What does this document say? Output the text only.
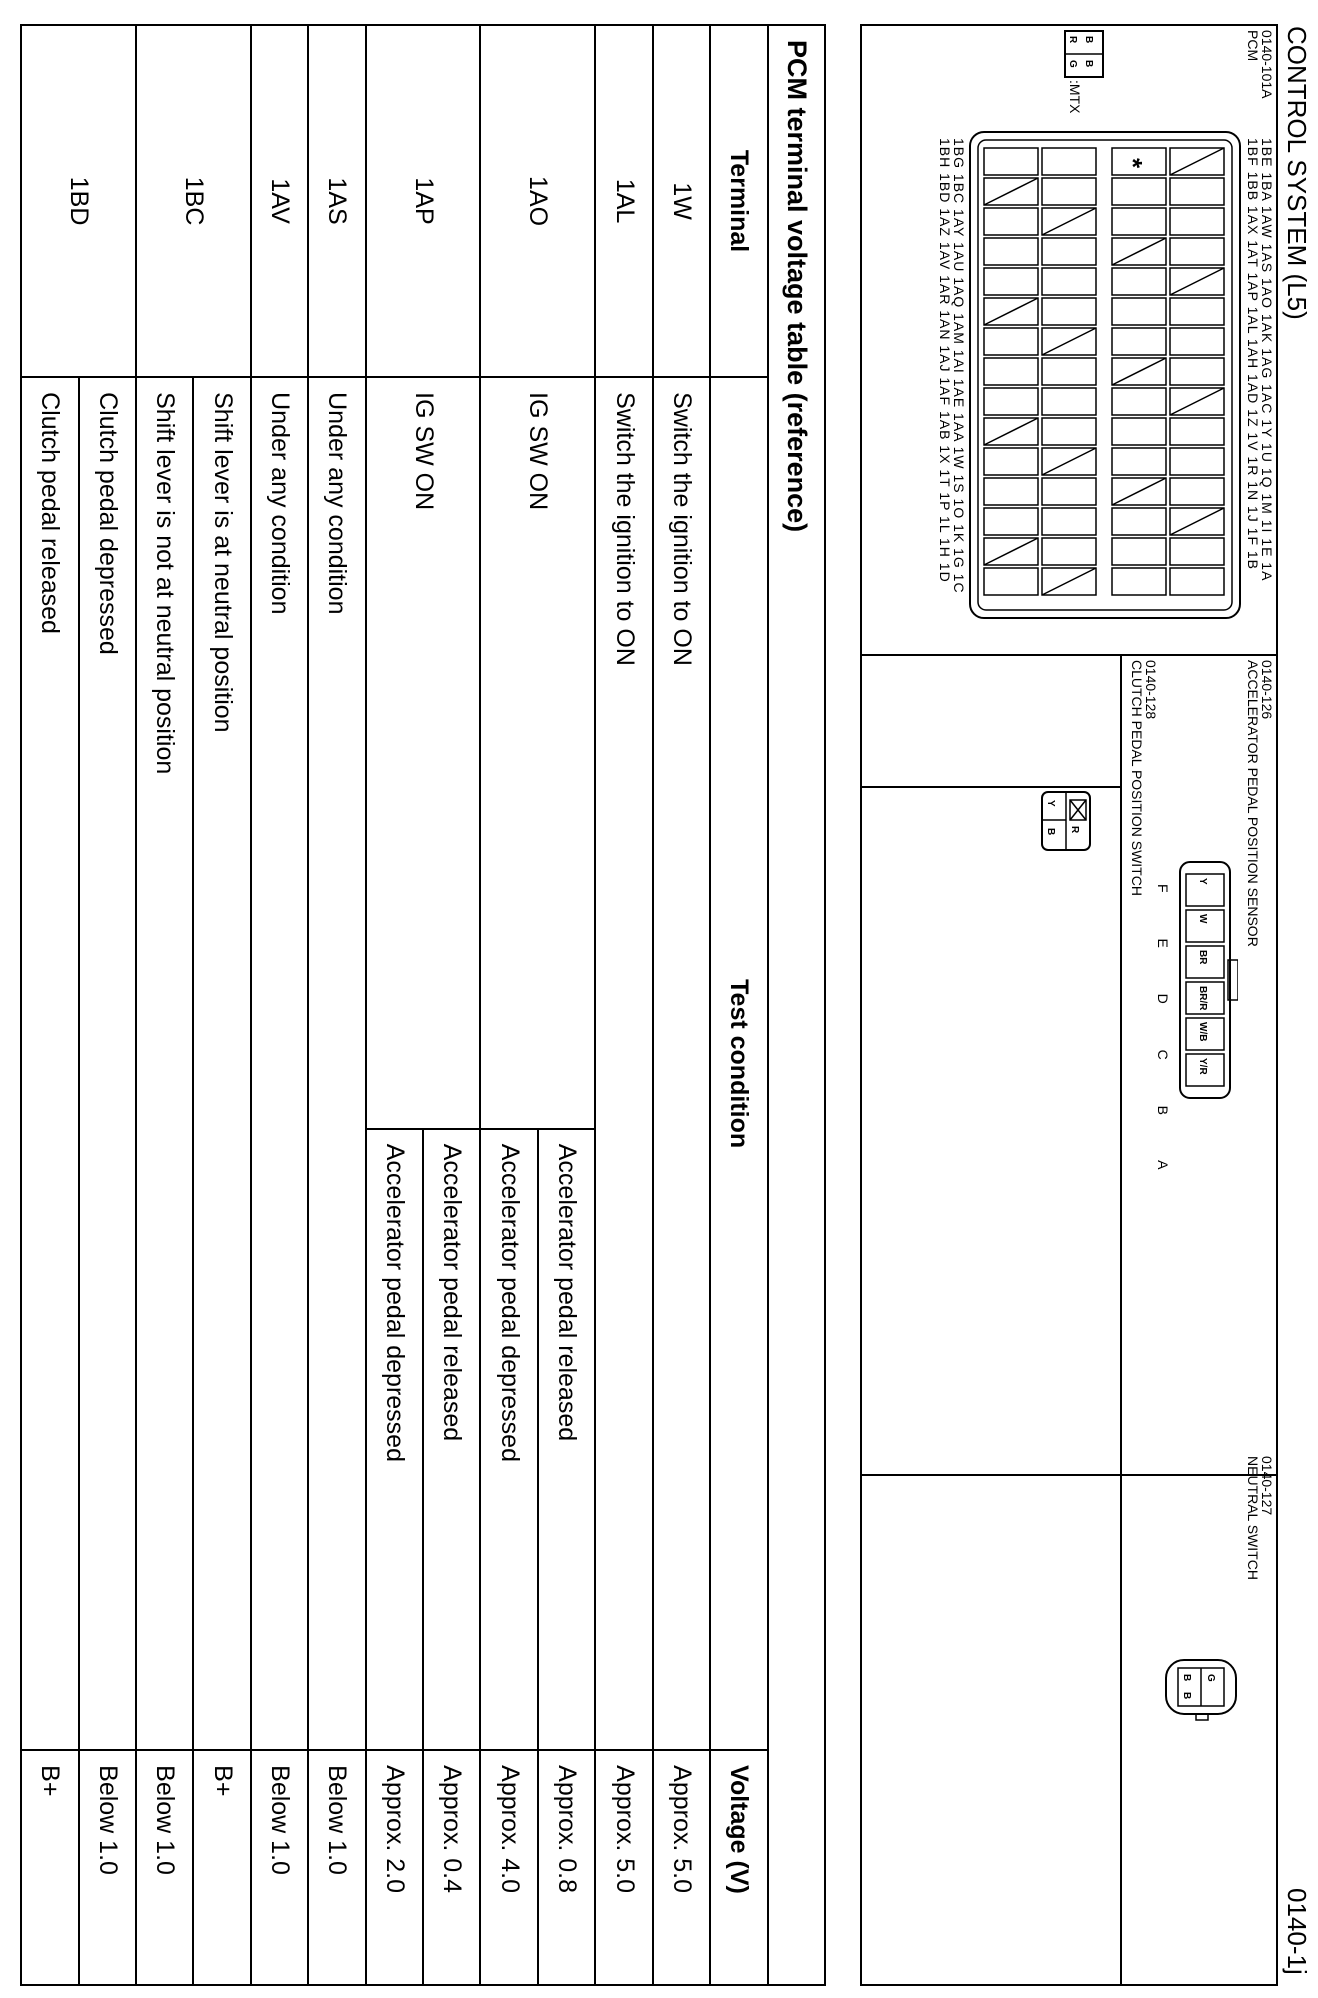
CONTROL SYSTEM (L5)
0140-1j
0140-101A
PCM
1BE 1BA 1AW 1AS 1AO 1AK 1AG 1AC 1Y 1U 1Q 1M 1I 1E 1A
1BF 1BB 1AX 1AT 1AP 1AL 1AH 1AD 1Z 1V 1R 1N 1J 1F 1B
1BG 1BC 1AY 1AU 1AQ 1AM 1AI 1AE 1AA 1W 1S 1O 1K 1G 1C
1BH 1BD 1AZ 1AV 1AR 1AN 1AJ 1AF 1AB 1X 1T 1P 1L 1H 1D
B
R
B
G
:MTX
*
0140-126
ACCELERATOR PEDAL POSITION SENSOR
Y
W
BR
BR/R
W/B
Y/R
F E D C B A
0140-128
CLUTCH PEDAL POSITION SWITCH
R
Y
B
0140-127
NEUTRAL SWITCH
G
B
B
PCM terminal voltage table (reference)			
Terminal	Test condition		Voltage (V)
1W	Switch the ignition to ON		Approx. 5.0
1AL	Switch the ignition to ON		Approx. 5.0
1AO	IG SW ON	Accelerator pedal released	Approx. 0.8
		Accelerator pedal depressed	Approx. 4.0
1AP	IG SW ON	Accelerator pedal released	Approx. 0.4
		Accelerator pedal depressed	Approx. 2.0
1AS	Under any condition		Below 1.0
1AV	Under any condition		Below 1.0
1BC	Shift lever is at neutral position		B+
	Shift lever is not at neutral position		Below 1.0
1BD	Clutch pedal depressed		Below 1.0
	Clutch pedal released		B+
